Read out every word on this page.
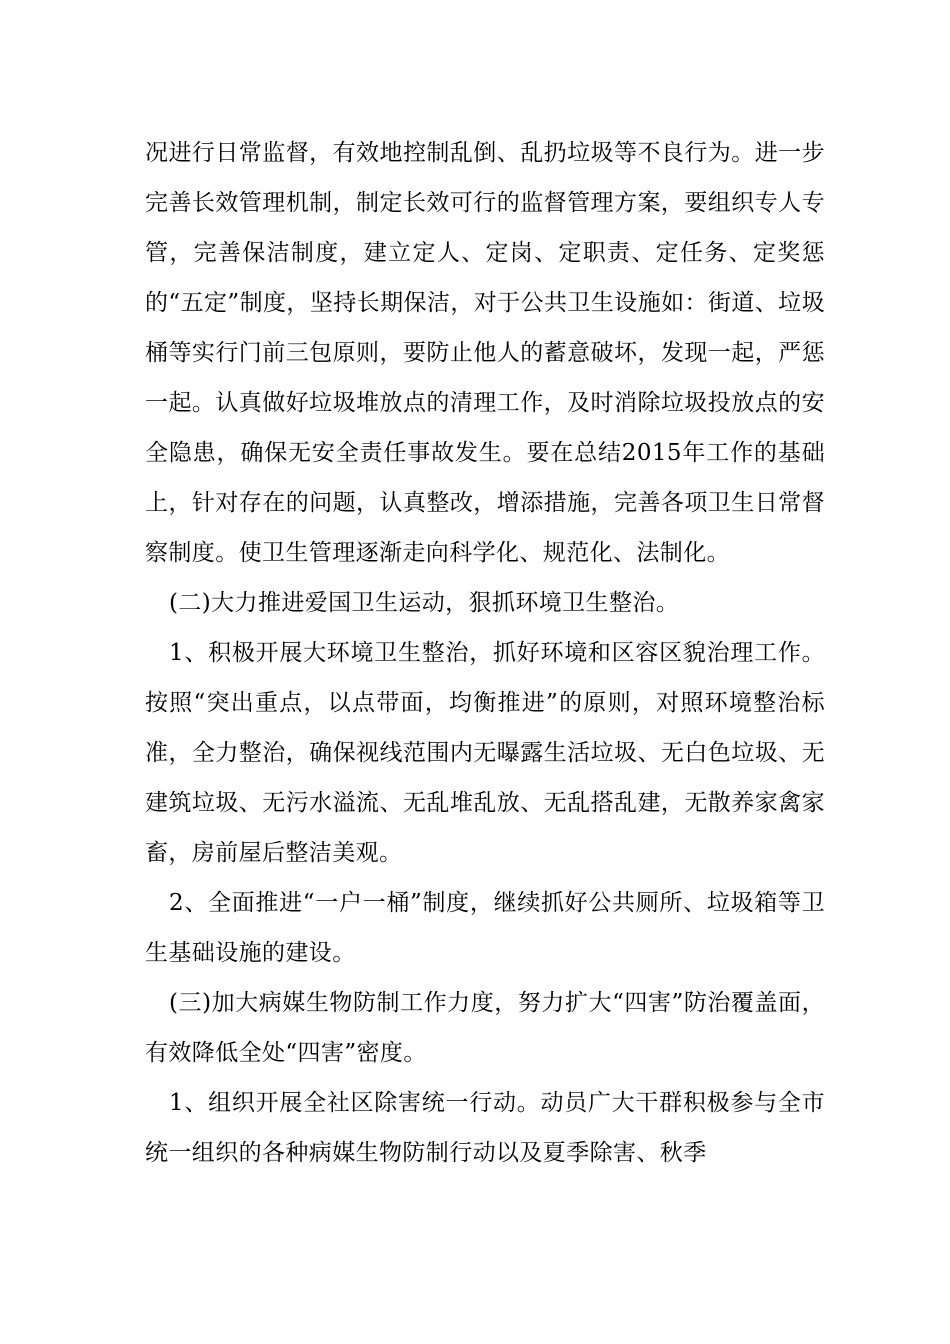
况进行日常监督，有效地控制乱倒、乱扔垃圾等不良行为。进一步完善长效管理机制，制定长效可行的监督管理方案，要组织专人专管，完善保洁制度，建立定人、定岗、定职责、定任务、定奖惩的“五定”制度，坚持长期保洁，对于公共卫生设施如：街道、垃圾桶等实行门前三包原则，要防止他人的蓄意破坏，发现一起，严惩一起。认真做好垃圾堆放点的清理工作，及时消除垃圾投放点的安全隐患，确保无安全责任事故发生。要在总结2015年工作的基础上，针对存在的问题，认真整改，增添措施，完善各项卫生日常督察制度。使卫生管理逐渐走向科学化、规范化、法制化。

(二)大力推进爱国卫生运动，狠抓环境卫生整治。

1、积极开展大环境卫生整治，抓好环境和区容区貌治理工作。按照“突出重点，以点带面，均衡推进”的原则，对照环境整治标准，全力整治，确保视线范围内无曝露生活垃圾、无白色垃圾、无建筑垃圾、无污水溢流、无乱堆乱放、无乱搭乱建，无散养家禽家畜，房前屋后整洁美观。

2、全面推进“一户一桶”制度，继续抓好公共厕所、垃圾箱等卫生基础设施的建设。

(三)加大病媒生物防制工作力度，努力扩大“四害”防治覆盖面，有效降低全处“四害”密度。

1、组织开展全社区除害统一行动。动员广大干群积极参与全市统一组织的各种病媒生物防制行动以及夏季除害、秋季
